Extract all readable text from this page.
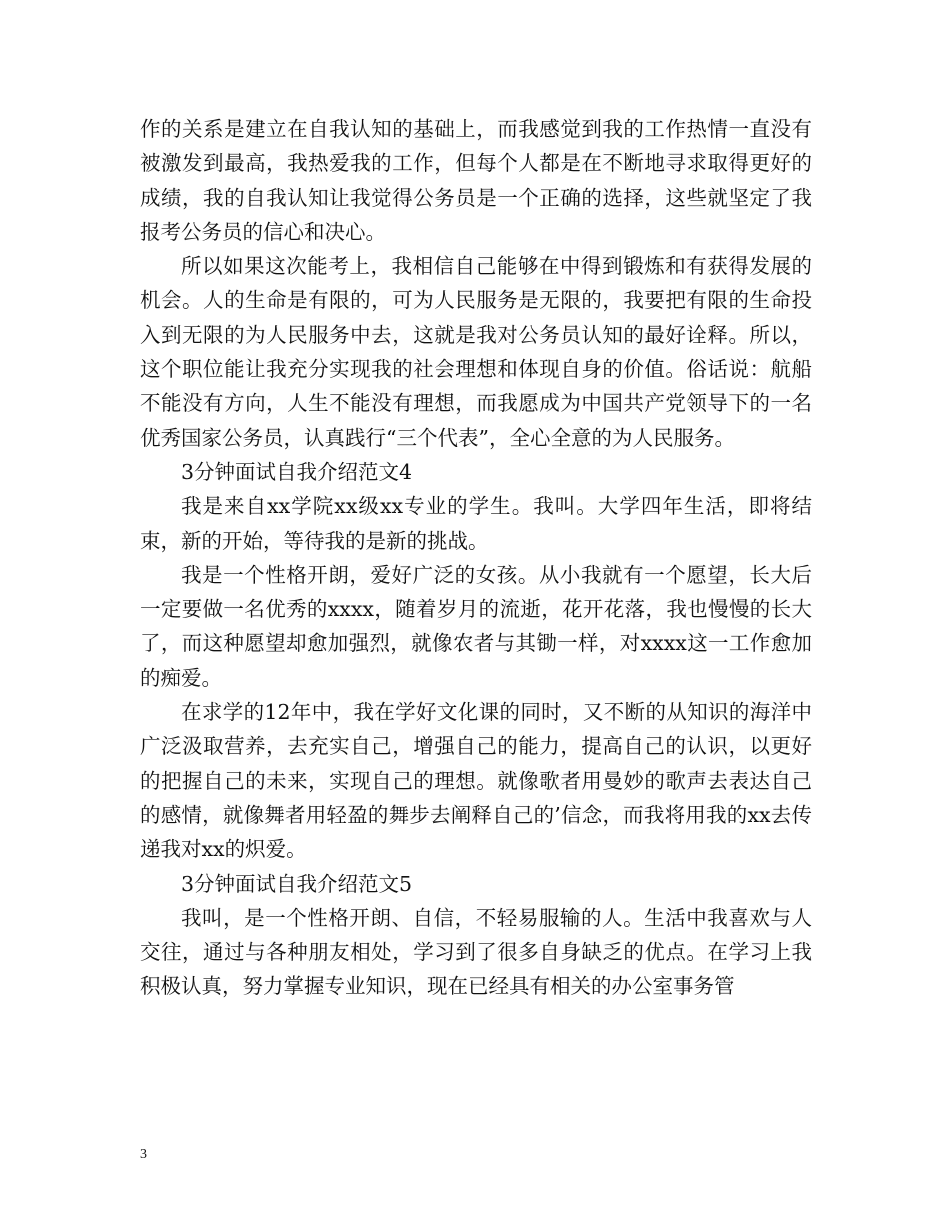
作的关系是建立在自我认知的基础上，而我感觉到我的工作热情一直没有被激发到最高，我热爱我的工作，但每个人都是在不断地寻求取得更好的成绩，我的自我认知让我觉得公务员是一个正确的选择，这些就坚定了我报考公务员的信心和决心。

所以如果这次能考上，我相信自己能够在中得到锻炼和有获得发展的机会。人的生命是有限的，可为人民服务是无限的，我要把有限的生命投入到无限的为人民服务中去，这就是我对公务员认知的最好诠释。所以，这个职位能让我充分实现我的社会理想和体现自身的价值。俗话说：航船不能没有方向，人生不能没有理想，而我愿成为中国共产党领导下的一名优秀国家公务员，认真践行“三个代表”，全心全意的为人民服务。

3分钟面试自我介绍范文4

我是来自xx学院xx级xx专业的学生。我叫。大学四年生活，即将结束，新的开始，等待我的是新的挑战。

我是一个性格开朗，爱好广泛的女孩。从小我就有一个愿望，长大后一定要做一名优秀的xxxx，随着岁月的流逝，花开花落，我也慢慢的长大了，而这种愿望却愈加强烈，就像农者与其锄一样，对xxxx这一工作愈加的痴爱。

在求学的12年中，我在学好文化课的同时，又不断的从知识的海洋中广泛汲取营养，去充实自己，增强自己的能力，提高自己的认识，以更好的把握自己的未来，实现自己的理想。就像歌者用曼妙的歌声去表达自己的感情，就像舞者用轻盈的舞步去阐释自己的’信念，而我将用我的xx去传递我对xx的炽爱。

3分钟面试自我介绍范文5

我叫，是一个性格开朗、自信，不轻易服输的人。生活中我喜欢与人交往，通过与各种朋友相处，学习到了很多自身缺乏的优点。在学习上我积极认真，努力掌握专业知识，现在已经具有相关的办公室事务管

3
